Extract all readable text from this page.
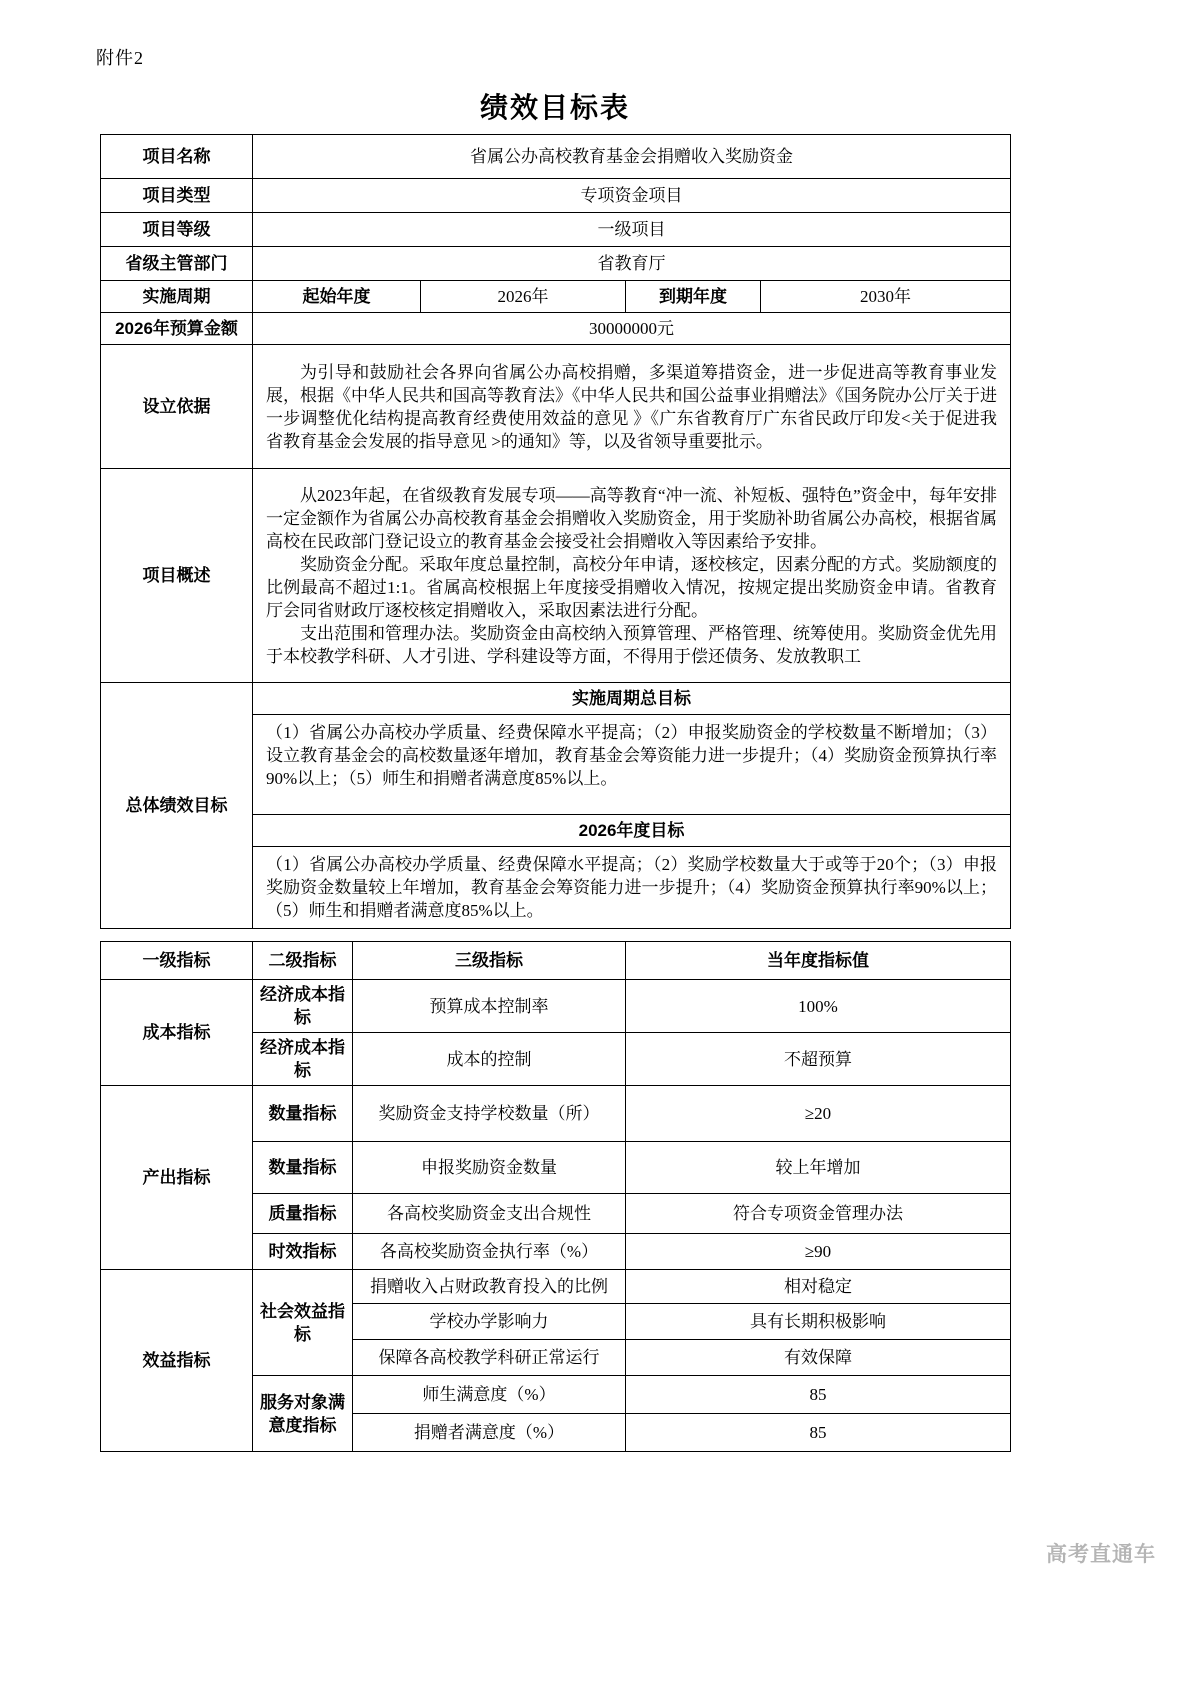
附件2
绩效目标表
项目名称	省属公办高校教育基金会捐赠收入奖励资金			
项目类型	专项资金项目			
项目等级	一级项目			
省级主管部门	省教育厅			
实施周期	起始年度	2026年	到期年度	2030年
2026年预算金额	30000000元			
设立依据	为引导和鼓励社会各界向省属公办高校捐赠，多渠道筹措资金，进一步促进高等教育事业发展，根据《中华人民共和国高等教育法》《中华人民共和国公益事业捐赠法》《国务院办公厅关于进一步调整优化结构提高教育经费使用效益的意见 》《广东省教育厅广东省民政厅印发<关于促进我省教育基金会发展的指导意见 >的通知》等，以及省领导重要批示。			

项目概述	从2023年起，在省级教育发展专项——高等教育“冲一流、补短板、强特色”资金中，每年安排一定金额作为省属公办高校教育基金会捐赠收入奖励资金，用于奖励补助省属公办高校，根据省属高校在民政部门登记设立的教育基金会接受社会捐赠收入等因素给予安排。

奖励资金分配。采取年度总量控制，高校分年申请，逐校核定，因素分配的方式。奖励额度的比例最高不超过1:1。省属高校根据上年度接受捐赠收入情况，按规定提出奖励资金申请。省教育厅会同省财政厅逐校核定捐赠收入，采取因素法进行分配。

支出范围和管理办法。奖励资金由高校纳入预算管理、严格管理、统筹使用。奖励资金优先用于本校教学科研、人才引进、学科建设等方面，不得用于偿还债务、发放教职工			

总体绩效目标	实施周期总目标			
	（1）省属公办高校办学质量、经费保障水平提高；（2）申报奖励资金的学校数量不断增加；（3）设立教育基金会的高校数量逐年增加，教育基金会筹资能力进一步提升；（4）奖励资金预算执行率90%以上；（5）师生和捐赠者满意度85%以上。			
	2026年度目标			
	（1）省属公办高校办学质量、经费保障水平提高；（2）奖励学校数量大于或等于20个；（3）申报奖励资金数量较上年增加，教育基金会筹资能力进一步提升；（4）奖励资金预算执行率90%以上；（5）师生和捐赠者满意度85%以上。			
一级指标	二级指标	三级指标	当年度指标值
成本指标	经济成本指标	预算成本控制率	100%
	经济成本指标	成本的控制	不超预算
产出指标	数量指标	奖励资金支持学校数量（所）	≥20
	数量指标	申报奖励资金数量	较上年增加
	质量指标	各高校奖励资金支出合规性	符合专项资金管理办法
	时效指标	各高校奖励资金执行率（%）	≥90
效益指标	社会效益指标	捐赠收入占财政教育投入的比例	相对稳定
		学校办学影响力	具有长期积极影响
		保障各高校教学科研正常运行	有效保障
	服务对象满意度指标	师生满意度（%）	85
		捐赠者满意度（%）	85
高考直通车
